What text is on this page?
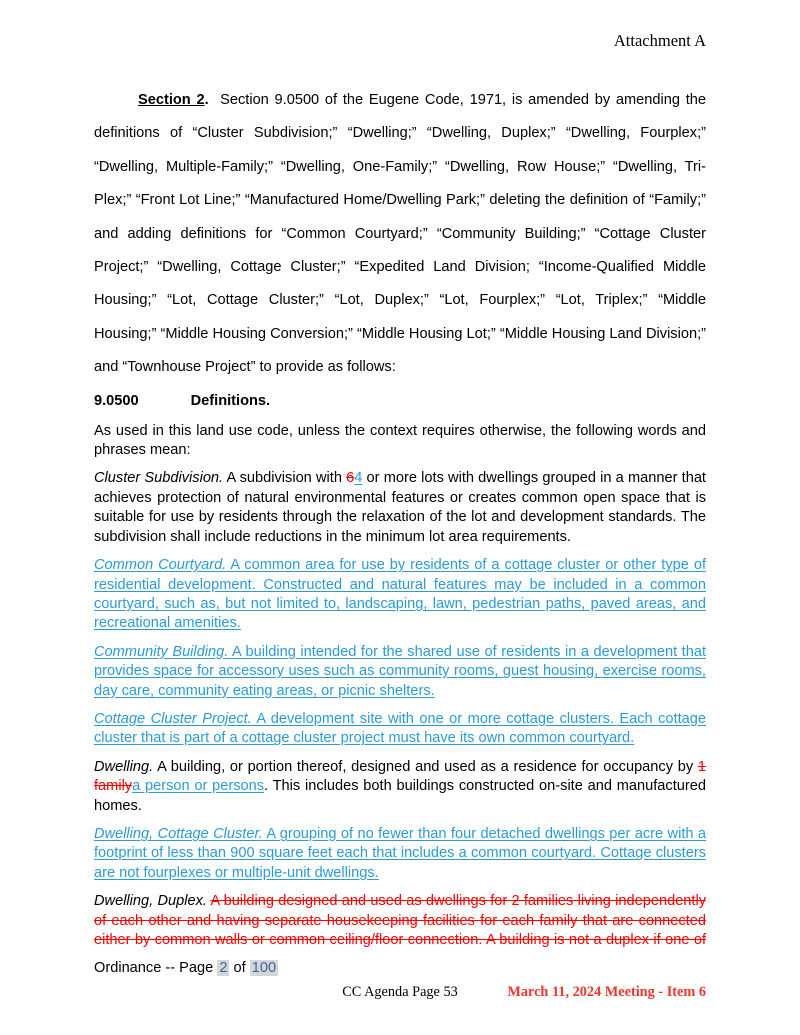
Attachment A

Section 2.  Section 9.0500 of the Eugene Code, 1971, is amended by amending the definitions of “Cluster Subdivision;” “Dwelling;” “Dwelling, Duplex;” “Dwelling, Fourplex;” “Dwelling, Multiple-Family;” “Dwelling, One-Family;” “Dwelling, Row House;” “Dwelling, Tri-Plex;” “Front Lot Line;” “Manufactured Home/Dwelling Park;” deleting the definition of “Family;” and adding definitions for “Common Courtyard;” “Community Building;” “Cottage Cluster Project;” “Dwelling, Cottage Cluster;” “Expedited Land Division; “Income-Qualified Middle Housing;” “Lot, Cottage Cluster;” “Lot, Duplex;” “Lot, Fourplex;” “Lot, Triplex;” “Middle Housing;” “Middle Housing Conversion;” “Middle Housing Lot;” “Middle Housing Land Division;” and “Townhouse Project” to provide as follows:

9.0500	Definitions.

As used in this land use code, unless the context requires otherwise, the following words and phrases mean:

Cluster Subdivision. A subdivision with 64 or more lots with dwellings grouped in a manner that achieves protection of natural environmental features or creates common open space that is suitable for use by residents through the relaxation of the lot and development standards. The subdivision shall include reductions in the minimum lot area requirements.

Common Courtyard. A common area for use by residents of a cottage cluster or other type of residential development. Constructed and natural features may be included in a common courtyard, such as, but not limited to, landscaping, lawn, pedestrian paths, paved areas, and recreational amenities.

Community Building. A building intended for the shared use of residents in a development that provides space for accessory uses such as community rooms, guest housing, exercise rooms, day care, community eating areas, or picnic shelters.

Cottage Cluster Project. A development site with one or more cottage clusters. Each cottage cluster that is part of a cottage cluster project must have its own common courtyard.

Dwelling. A building, or portion thereof, designed and used as a residence for occupancy by 1 familya person or persons. This includes both buildings constructed on-site and manufactured homes.

Dwelling, Cottage Cluster. A grouping of no fewer than four detached dwellings per acre with a footprint of less than 900 square feet each that includes a common courtyard. Cottage clusters are not fourplexes or multiple-unit dwellings.

Dwelling, Duplex. A building designed and used as dwellings for 2 families living independently of each other and having separate housekeeping facilities for each family that are connected either by common walls or common ceiling/floor connection. A building is not a duplex if one of

Ordinance -- Page 2 of 100
CC Agenda Page 53	March 11, 2024 Meeting - Item 6
